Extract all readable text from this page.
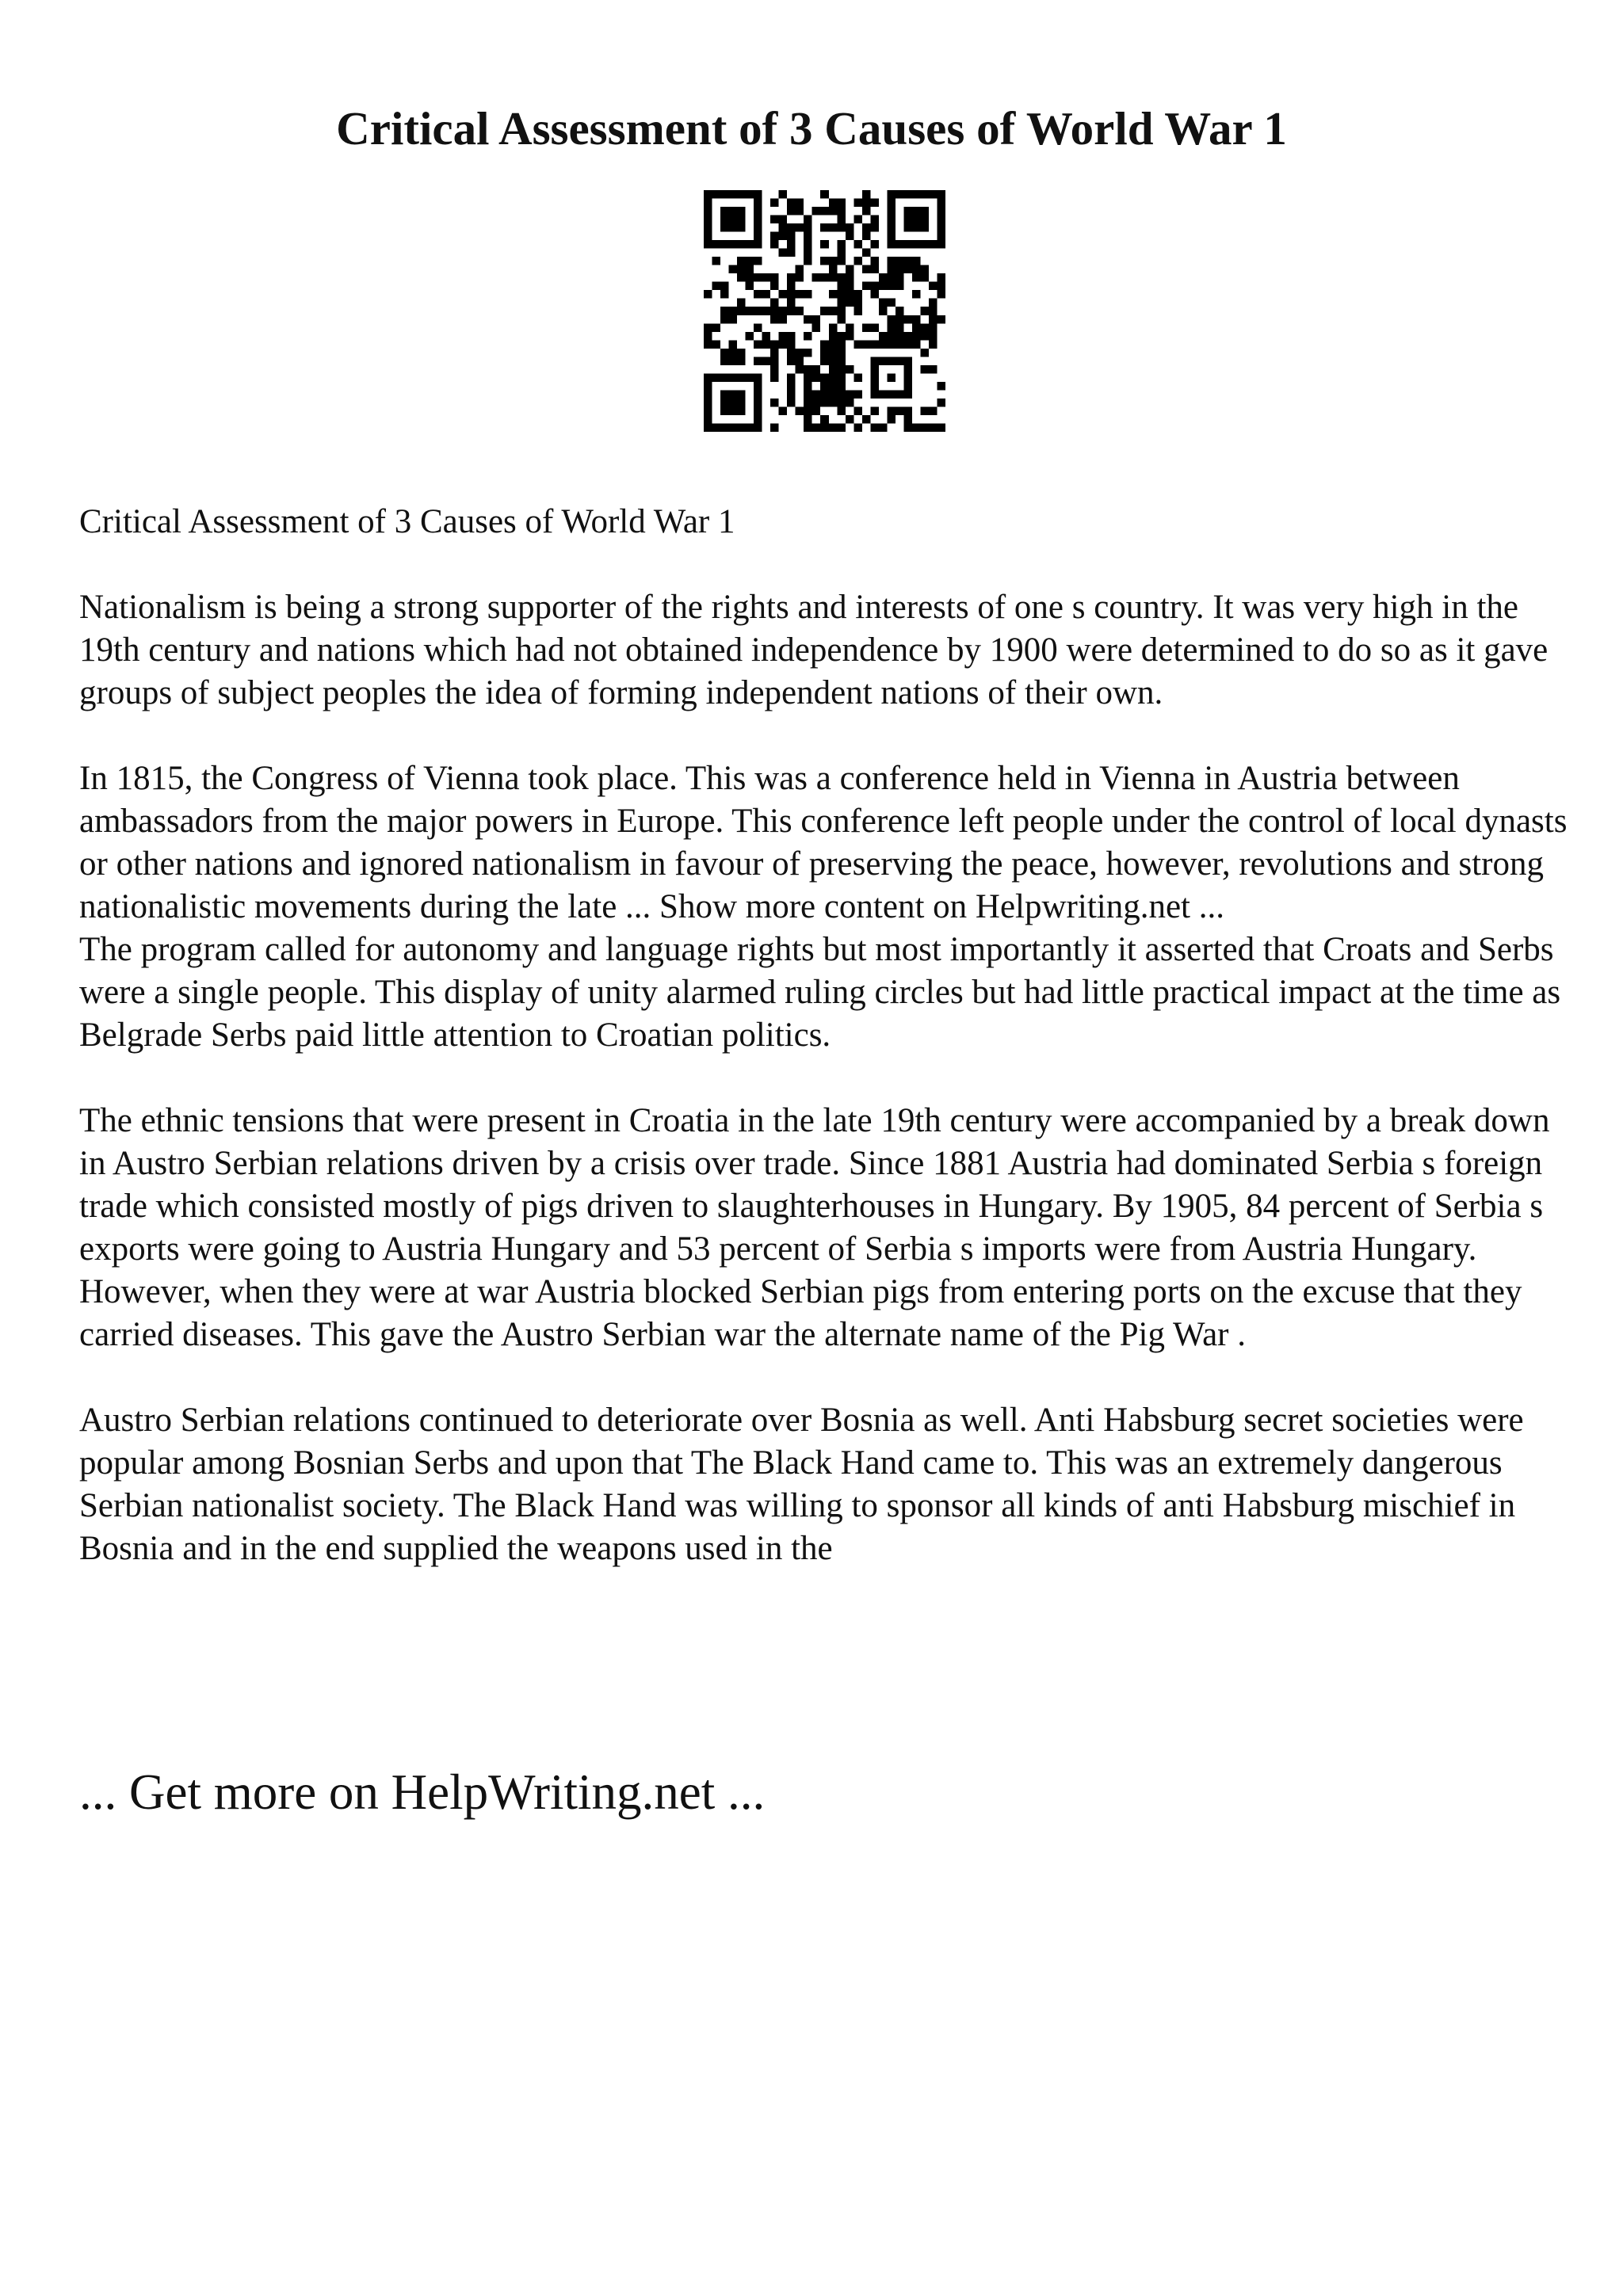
Critical Assessment of 3 Causes of World War 1

Critical Assessment of 3 Causes of World War 1

Nationalism is being a strong supporter of the rights and interests of one s country. It was very high in the 19th century and nations which had not obtained independence by 1900 were determined to do so as it gave groups of subject peoples the idea of forming independent nations of their own.

In 1815, the Congress of Vienna took place. This was a conference held in Vienna in Austria between ambassadors from the major powers in Europe. This conference left people under the control of local dynasts or other nations and ignored nationalism in favour of preserving the peace, however, revolutions and strong nationalistic movements during the late ... Show more content on Helpwriting.net ...

The program called for autonomy and language rights but most importantly it asserted that Croats and Serbs were a single people. This display of unity alarmed ruling circles but had little practical impact at the time as Belgrade Serbs paid little attention to Croatian politics.

The ethnic tensions that were present in Croatia in the late 19th century were accompanied by a break down in Austro Serbian relations driven by a crisis over trade. Since 1881 Austria had dominated Serbia s foreign trade which consisted mostly of pigs driven to slaughterhouses in Hungary. By 1905, 84 percent of Serbia s exports were going to Austria Hungary and 53 percent of Serbia s imports were from Austria Hungary. However, when they were at war Austria blocked Serbian pigs from entering ports on the excuse that they carried diseases. This gave the Austro Serbian war the alternate name of the Pig War .

Austro Serbian relations continued to deteriorate over Bosnia as well. Anti Habsburg secret societies were popular among Bosnian Serbs and upon that The Black Hand came to. This was an extremely dangerous Serbian nationalist society. The Black Hand was willing to sponsor all kinds of anti Habsburg mischief in Bosnia and in the end supplied the weapons used in the

... Get more on HelpWriting.net ...
